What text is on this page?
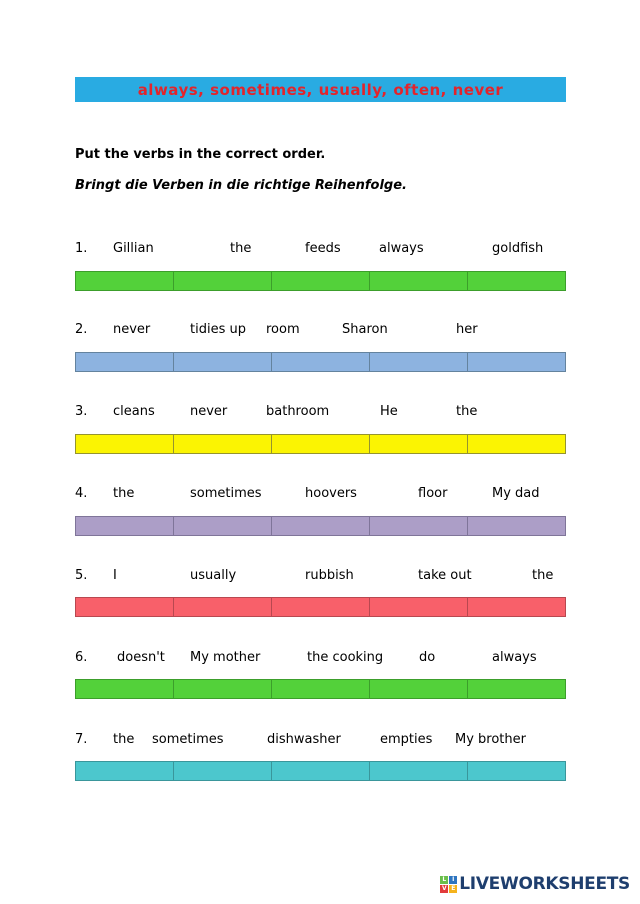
always, sometimes, usually, often, never
Put the verbs in the correct order.
Bringt die Verben in die richtige Reihenfolge.
1. Gillian	the	feeds	always	goldfish
2. never	tidies up room	Sharon	her
3. cleans	never	bathroom	He	the
4. the	sometimes	hoovers	floor	My dad
5. I	usually	rubbish	take out	the
6. doesn't My mother	the cooking	do	always
7. the sometimes	dishwasher	empties My brother
L I
V E LIVEWORKSHEETS
